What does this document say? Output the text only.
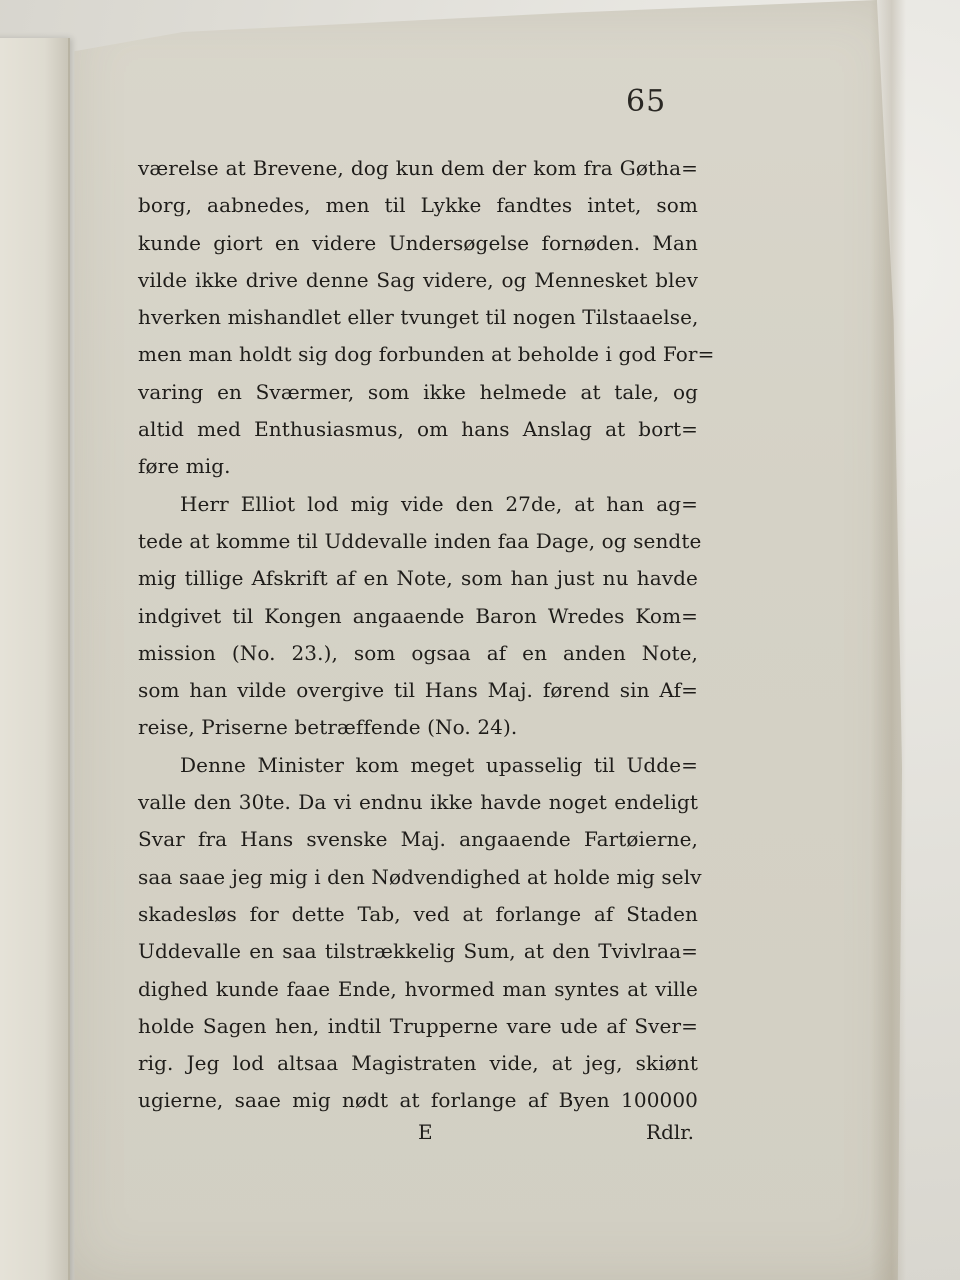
65
værelse at Brevene, dog kun dem der kom fra Gøtha=
borg, aabnedes, men til Lykke fandtes intet, som
kunde giort en videre Undersøgelse fornøden. Man
vilde ikke drive denne Sag videre, og Mennesket blev
hverken mishandlet eller tvunget til nogen Tilstaaelse,
men man holdt sig dog forbunden at beholde i god For=
varing en Sværmer, som ikke helmede at tale, og
altid med Enthusiasmus, om hans Anslag at bort=
føre mig.
Herr Elliot lod mig vide den 27de, at han ag=
tede at komme til Uddevalle inden faa Dage, og sendte
mig tillige Afskrift af en Note, som han just nu havde
indgivet til Kongen angaaende Baron Wredes Kom=
mission (No. 23.), som ogsaa af en anden Note,
som han vilde overgive til Hans Maj. førend sin Af=
reise, Priserne betræffende (No. 24).
Denne Minister kom meget upasselig til Udde=
valle den 30te. Da vi endnu ikke havde noget endeligt
Svar fra Hans svenske Maj. angaaende Fartøierne,
saa saae jeg mig i den Nødvendighed at holde mig selv
skadesløs for dette Tab, ved at forlange af Staden
Uddevalle en saa tilstrækkelig Sum, at den Tvivlraa=
dighed kunde faae Ende, hvormed man syntes at ville
holde Sagen hen, indtil Trupperne vare ude af Sver=
rig. Jeg lod altsaa Magistraten vide, at jeg, skiønt
ugierne, saae mig nødt at forlange af Byen 100000
E	Rdlr.
